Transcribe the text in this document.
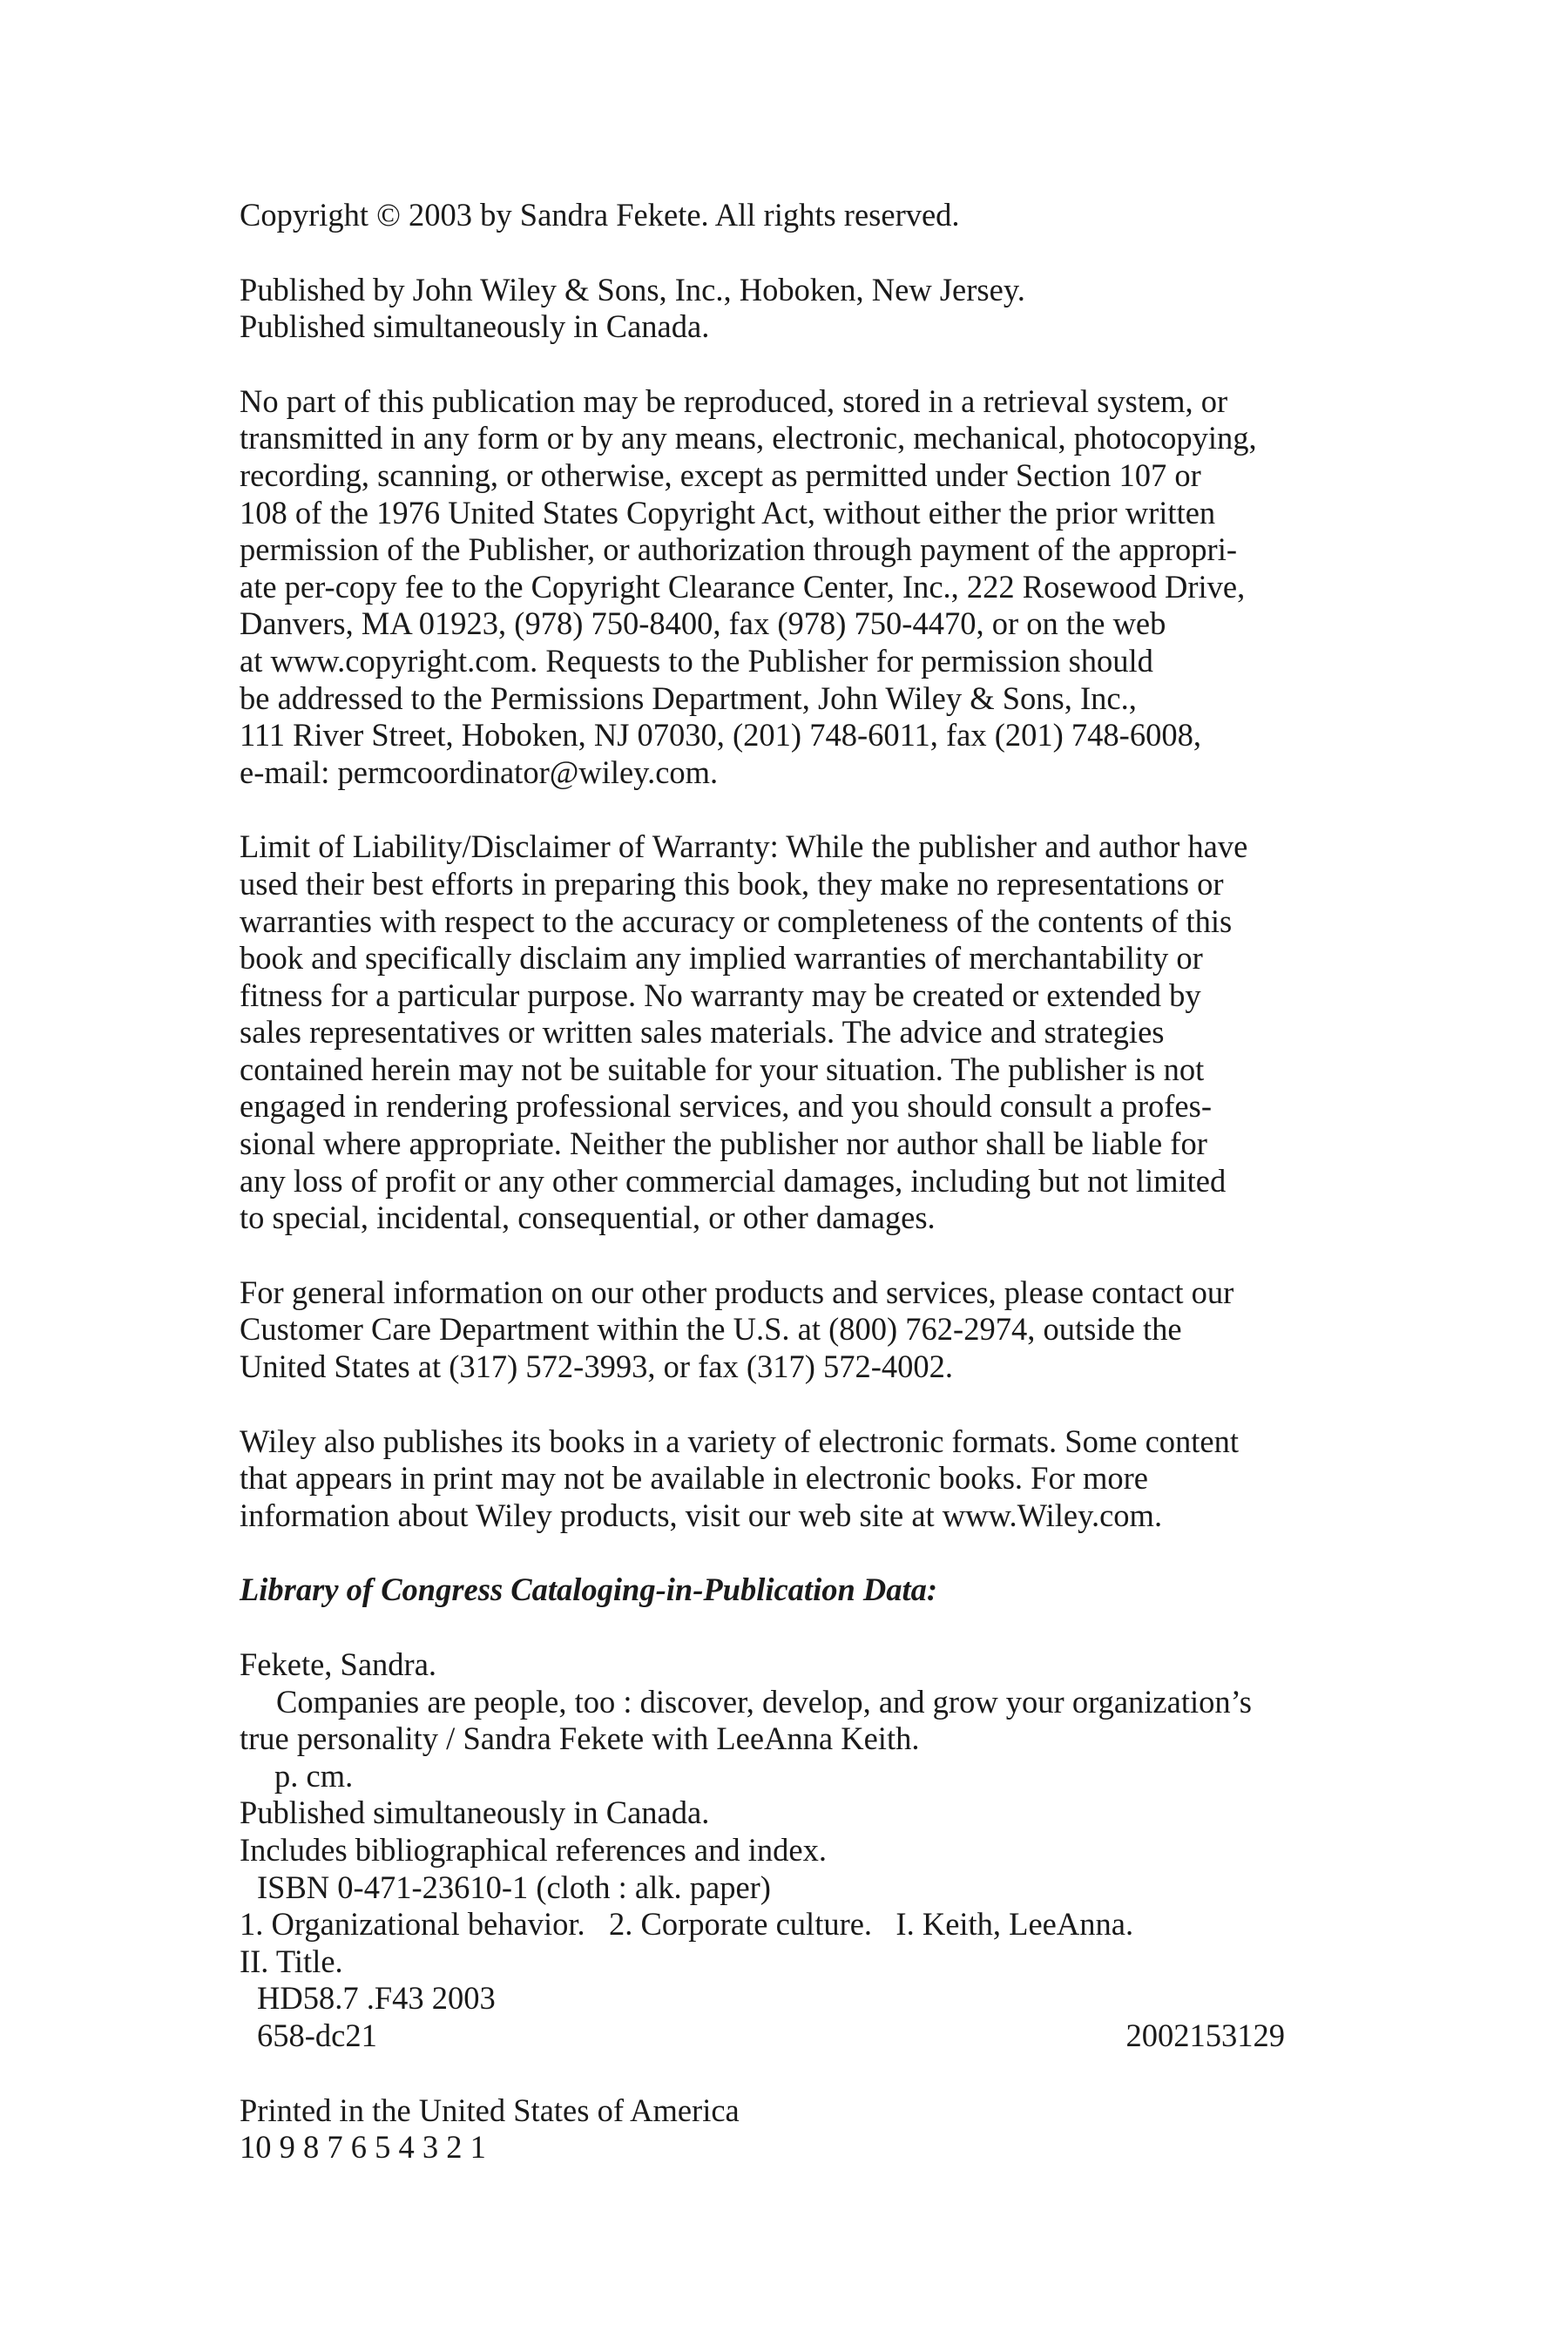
Copyright © 2003 by Sandra Fekete. All rights reserved.
Published by John Wiley & Sons, Inc., Hoboken, New Jersey.
Published simultaneously in Canada.
No part of this publication may be reproduced, stored in a retrieval system, or
transmitted in any form or by any means, electronic, mechanical, photocopying,
recording, scanning, or otherwise, except as permitted under Section 107 or
108 of the 1976 United States Copyright Act, without either the prior written
permission of the Publisher, or authorization through payment of the appropri-
ate per-copy fee to the Copyright Clearance Center, Inc., 222 Rosewood Drive,
Danvers, MA 01923, (978) 750-8400, fax (978) 750-4470, or on the web
at www.copyright.com. Requests to the Publisher for permission should
be addressed to the Permissions Department, John Wiley & Sons, Inc.,
111 River Street, Hoboken, NJ 07030, (201) 748-6011, fax (201) 748-6008,
e-mail: permcoordinator@wiley.com.
Limit of Liability/Disclaimer of Warranty: While the publisher and author have
used their best efforts in preparing this book, they make no representations or
warranties with respect to the accuracy or completeness of the contents of this
book and specifically disclaim any implied warranties of merchantability or
fitness for a particular purpose. No warranty may be created or extended by
sales representatives or written sales materials. The advice and strategies
contained herein may not be suitable for your situation. The publisher is not
engaged in rendering professional services, and you should consult a profes-
sional where appropriate. Neither the publisher nor author shall be liable for
any loss of profit or any other commercial damages, including but not limited
to special, incidental, consequential, or other damages.
For general information on our other products and services, please contact our
Customer Care Department within the U.S. at (800) 762-2974, outside the
United States at (317) 572-3993, or fax (317) 572-4002.
Wiley also publishes its books in a variety of electronic formats. Some content
that appears in print may not be available in electronic books. For more
information about Wiley products, visit our web site at www.Wiley.com.
Library of Congress Cataloging-in-Publication Data:
Fekete, Sandra.
Companies are people, too : discover, develop, and grow your organization’s
true personality / Sandra Fekete with LeeAnna Keith.
p. cm.
Published simultaneously in Canada.
Includes bibliographical references and index.
ISBN 0-471-23610-1 (cloth : alk. paper)
1. Organizational behavior.   2. Corporate culture.   I. Keith, LeeAnna.
II. Title.
HD58.7 .F43 2003
658-dc21	2002153129
Printed in the United States of America
10 9 8 7 6 5 4 3 2 1
